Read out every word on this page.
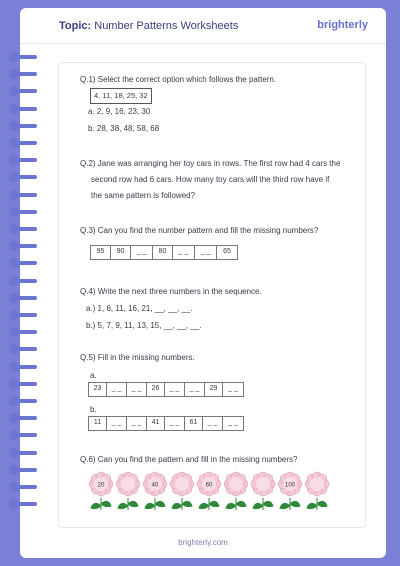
Topic: Number Patterns Worksheets	brighterly
Q.1) Select the correct option which follows the pattern.
4, 11, 18, 25, 32
a. 2, 9, 16, 23, 30
b. 28, 38, 48, 58, 68
Q.2) Jane was arranging her toy cars in rows. The first row had 4 cars the
second row had 6 cars. How many toy cars will the third row have if
the same pattern is followed?
Q.3) Can you find the number pattern and fill the missing numbers?
95	90	_ _	80	_ _	_ _	65
Q.4) Write the next three numbers in the sequence.
a.) 1, 6, 11, 16, 21, __, __, __.
b.) 5, 7, 9, 11, 13, 15, __, __, __.
Q.5) Fill in the missing numbers.
a.
23	_ _	_ _	26	_ _	_ _	29	_ _
b.
11	_ _	_ _	41	_ _	61	_ _	_ _
Q.6) Can you find the pattern and fill in the missing numbers?
brighterly.com
20	40	60	100
